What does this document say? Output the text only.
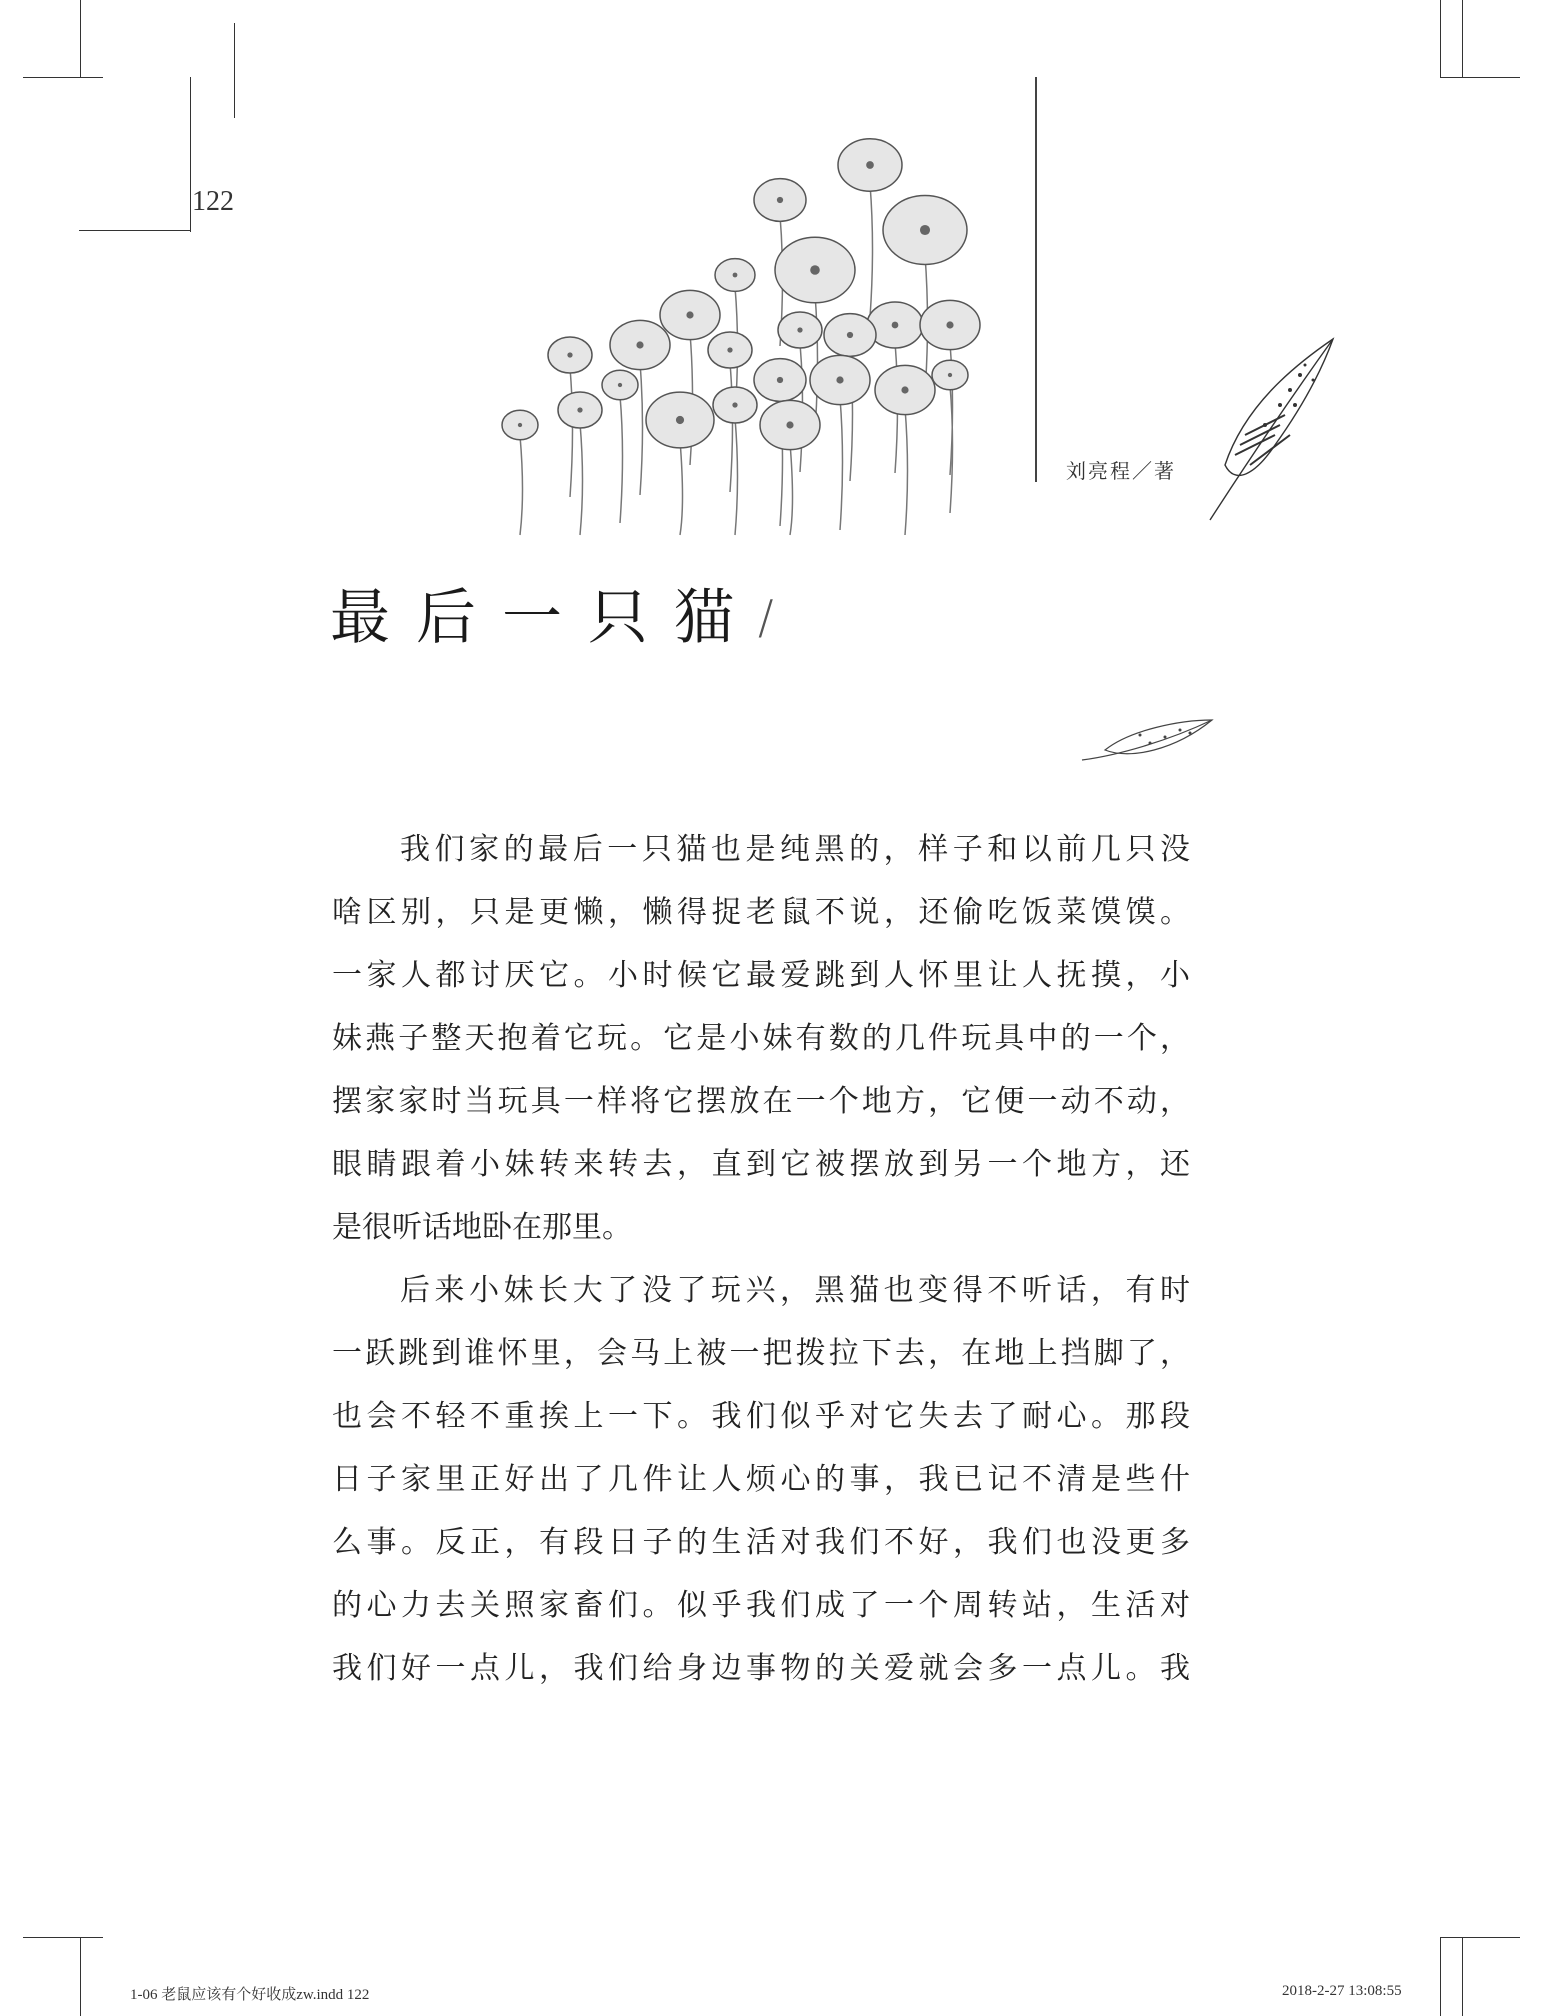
122
刘亮程／著
最后一只猫
/
我们家的最后一只猫也是纯黑的，样子和以前几只没
啥区别，只是更懒，懒得捉老鼠不说，还偷吃饭菜馍馍。
一家人都讨厌它。小时候它最爱跳到人怀里让人抚摸，小
妹燕子整天抱着它玩。它是小妹有数的几件玩具中的一个，
摆家家时当玩具一样将它摆放在一个地方，它便一动不动，
眼睛跟着小妹转来转去，直到它被摆放到另一个地方，还
是很听话地卧在那里。
后来小妹长大了没了玩兴，黑猫也变得不听话，有时
一跃跳到谁怀里，会马上被一把拨拉下去，在地上挡脚了，
也会不轻不重挨上一下。我们似乎对它失去了耐心。那段
日子家里正好出了几件让人烦心的事，我已记不清是些什
么事。反正，有段日子的生活对我们不好，我们也没更多
的心力去关照家畜们。似乎我们成了一个周转站，生活对
我们好一点儿，我们给身边事物的关爱就会多一点儿。我
1-06 老鼠应该有个好收成zw.indd 122	2018-2-27 13:08:55
